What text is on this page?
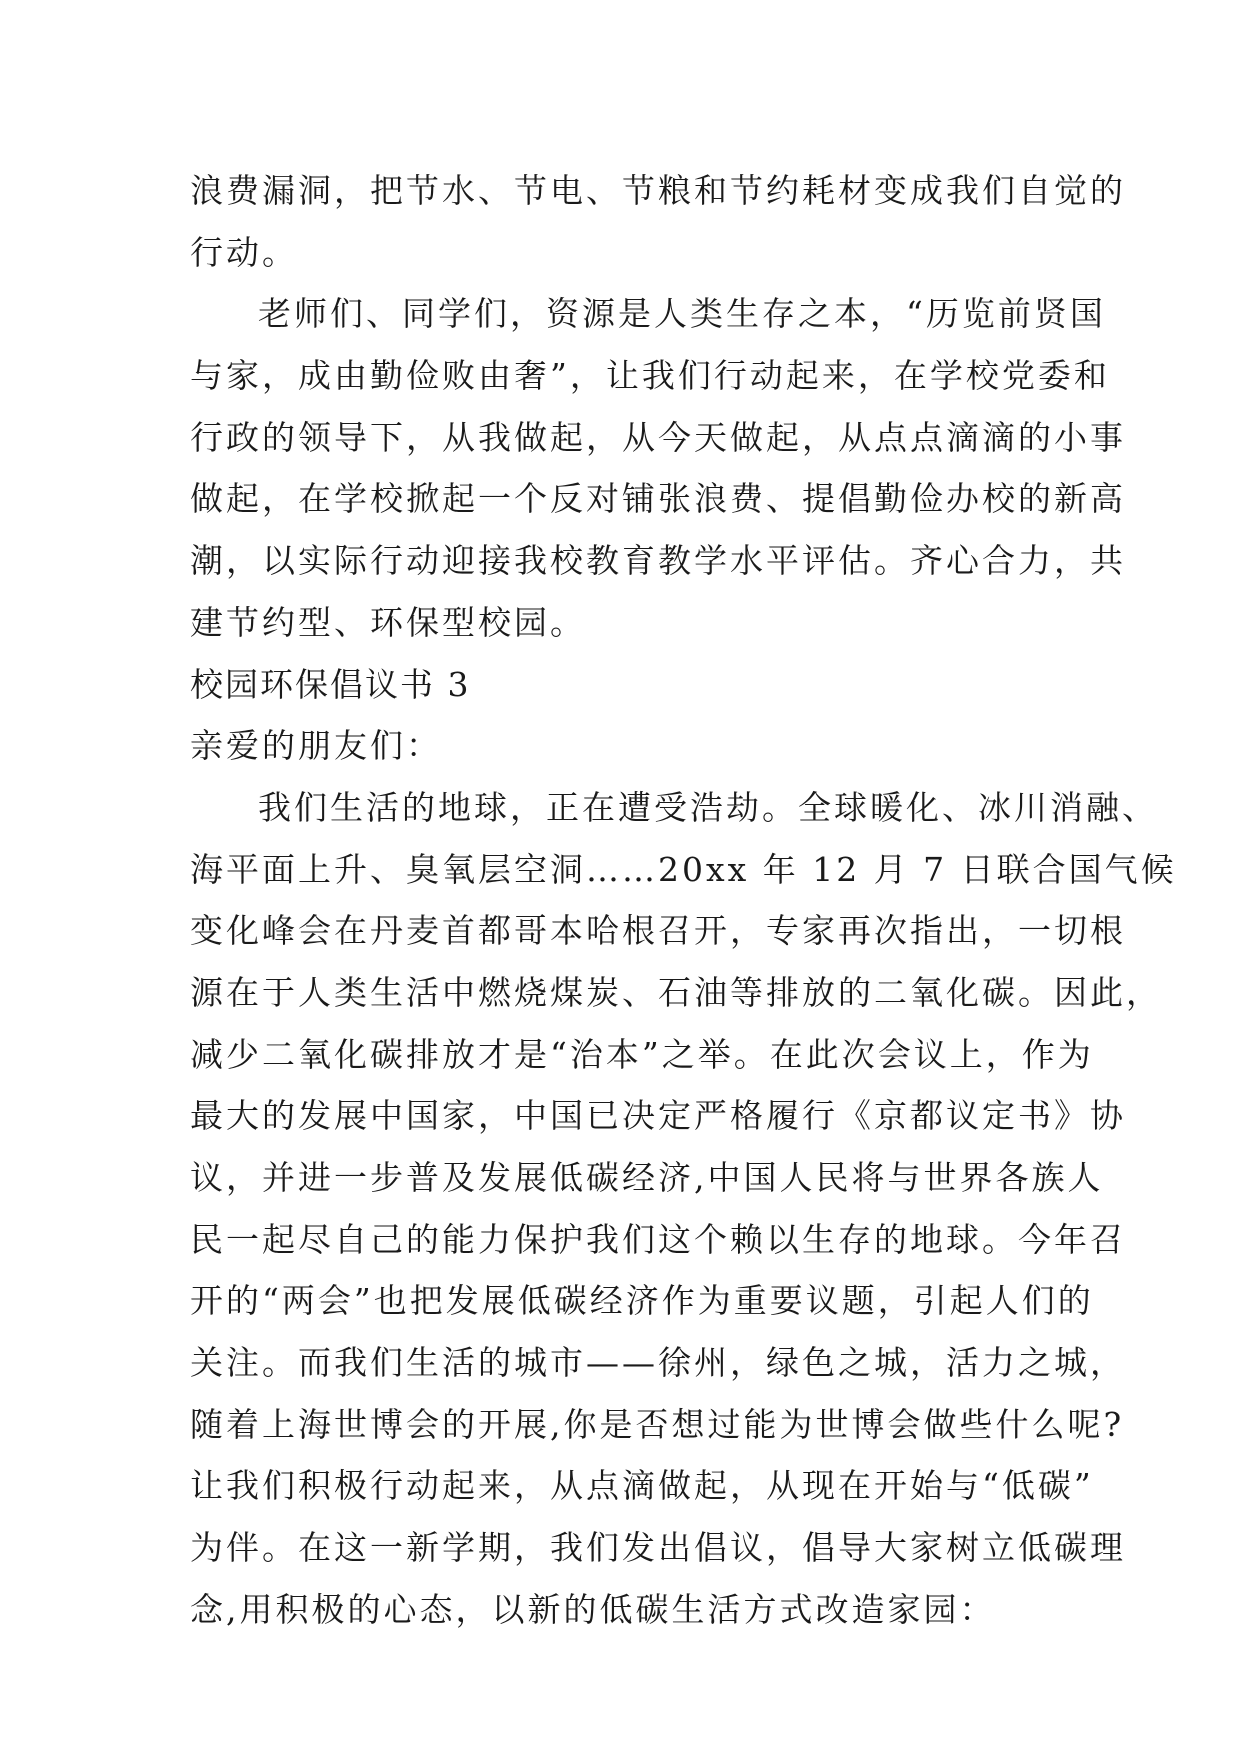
浪费漏洞，把节水、节电、节粮和节约耗材变成我们自觉的
行动。
老师们、同学们，资源是人类生存之本，“历览前贤国
与家，成由勤俭败由奢”，让我们行动起来，在学校党委和
行政的领导下，从我做起，从今天做起，从点点滴滴的小事
做起，在学校掀起一个反对铺张浪费、提倡勤俭办校的新高
潮，以实际行动迎接我校教育教学水平评估。齐心合力，共
建节约型、环保型校园。
校园环保倡议书 3
亲爱的朋友们：
我们生活的地球，正在遭受浩劫。全球暖化、冰川消融、
海平面上升、臭氧层空洞……20xx 年 12 月 7 日联合国气候
变化峰会在丹麦首都哥本哈根召开，专家再次指出，一切根
源在于人类生活中燃烧煤炭、石油等排放的二氧化碳。因此，
减少二氧化碳排放才是“治本”之举。在此次会议上，作为
最大的发展中国家，中国已决定严格履行《京都议定书》协
议，并进一步普及发展低碳经济,中国人民将与世界各族人
民一起尽自己的能力保护我们这个赖以生存的地球。今年召
开的“两会”也把发展低碳经济作为重要议题，引起人们的
关注。而我们生活的城市——徐州，绿色之城，活力之城，
随着上海世博会的开展,你是否想过能为世博会做些什么呢?
让我们积极行动起来，从点滴做起，从现在开始与“低碳”
为伴。在这一新学期，我们发出倡议，倡导大家树立低碳理
念,用积极的心态，以新的低碳生活方式改造家园：
